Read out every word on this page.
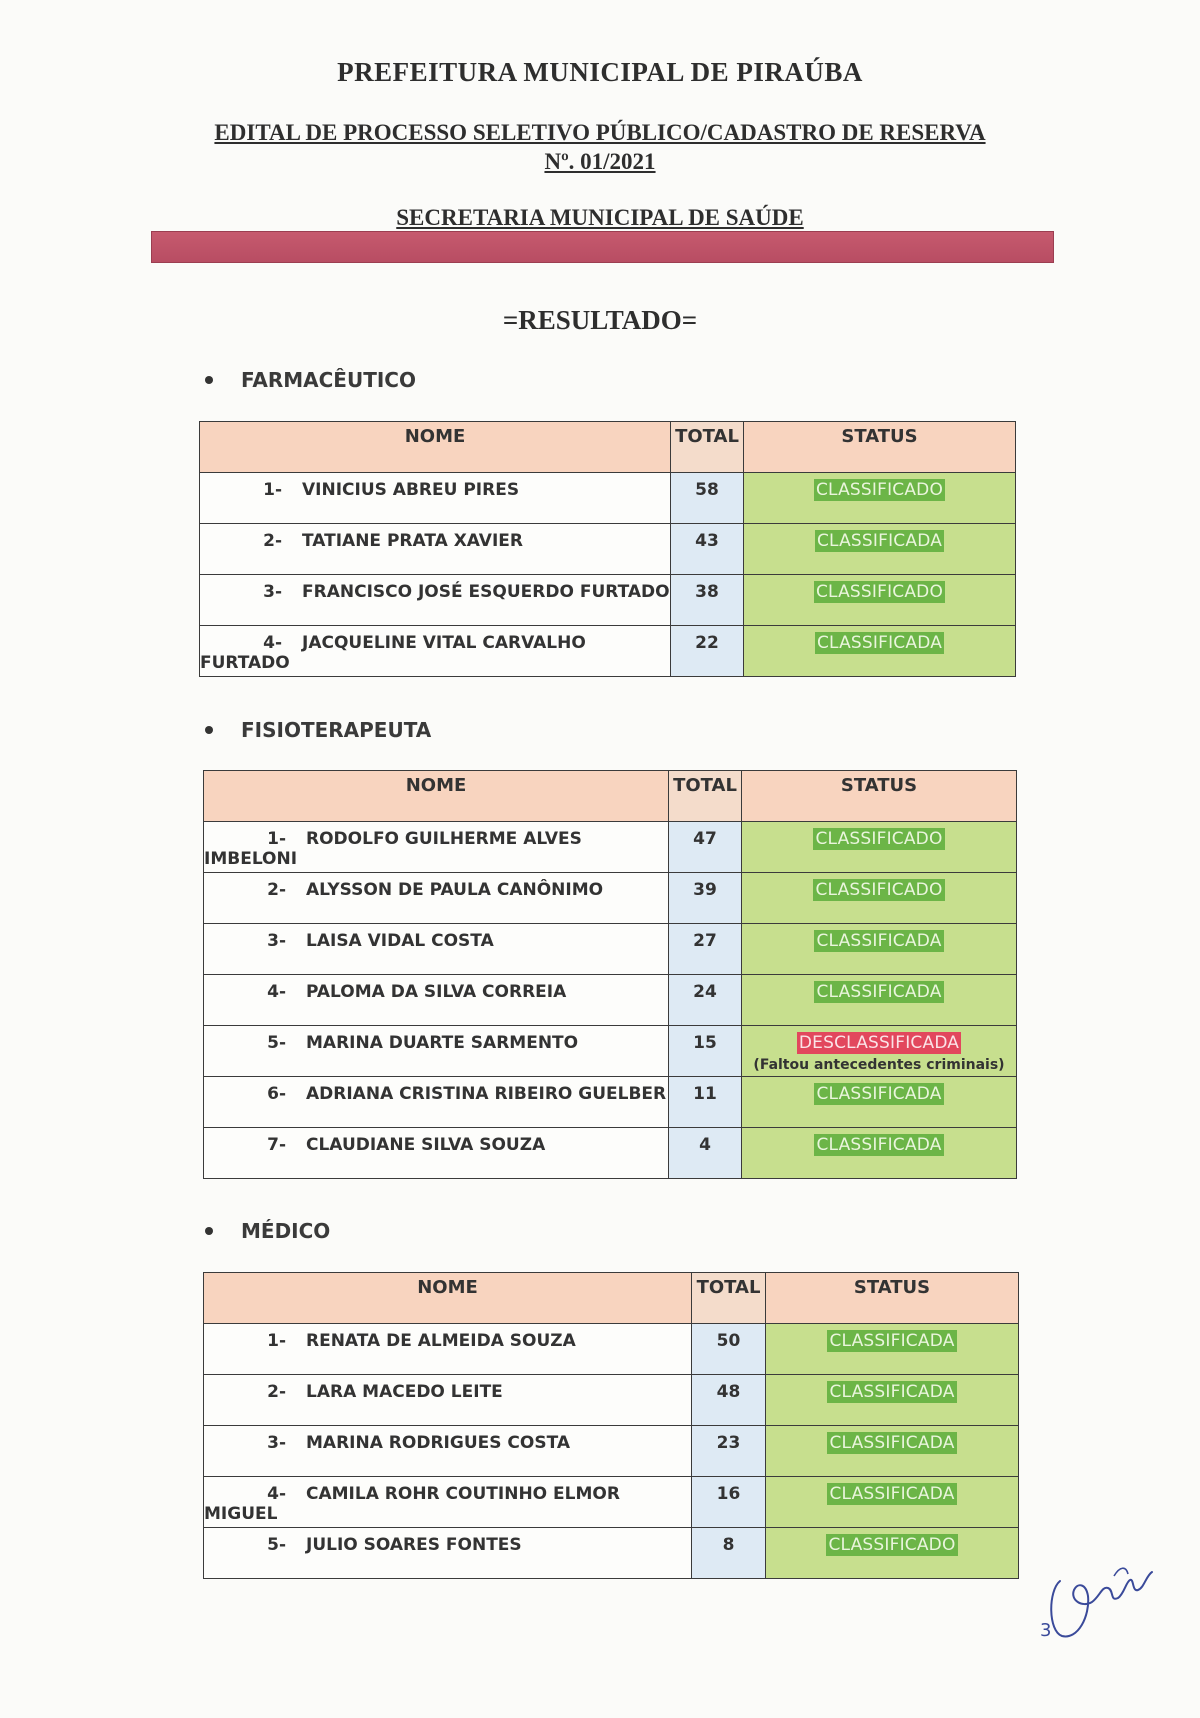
PREFEITURA MUNICIPAL DE PIRAÚBA
EDITAL DE PROCESSO SELETIVO PÚBLICO/CADASTRO DE RESERVA
Nº. 01/2021
SECRETARIA MUNICIPAL DE SAÚDE
=RESULTADO=
FARMACÊUTICO
NOME	TOTAL	STATUS
1- VINICIUS ABREU PIRES	58	CLASSIFICADO
2- TATIANE PRATA XAVIER	43	CLASSIFICADA
3- FRANCISCO JOSÉ ESQUERDO FURTADO	38	CLASSIFICADO
4- JACQUELINE VITAL CARVALHO FURTADO	22	CLASSIFICADA
FISIOTERAPEUTA
NOME	TOTAL	STATUS
1- RODOLFO GUILHERME ALVES IMBELONI	47	CLASSIFICADO
2- ALYSSON DE PAULA CANÔNIMO	39	CLASSIFICADO
3- LAISA VIDAL COSTA	27	CLASSIFICADA
4- PALOMA DA SILVA CORREIA	24	CLASSIFICADA
5- MARINA DUARTE SARMENTO	15	DESCLASSIFICADA
(Faltou antecedentes criminais)

6- ADRIANA CRISTINA RIBEIRO GUELBER	11	CLASSIFICADA
7- CLAUDIANE SILVA SOUZA	4	CLASSIFICADA
MÉDICO
NOME	TOTAL	STATUS
1- RENATA DE ALMEIDA SOUZA	50	CLASSIFICADA
2- LARA MACEDO LEITE	48	CLASSIFICADA
3- MARINA RODRIGUES COSTA	23	CLASSIFICADA
4- CAMILA ROHR COUTINHO ELMOR MIGUEL	16	CLASSIFICADA
5- JULIO SOARES FONTES	8	CLASSIFICADO
3
